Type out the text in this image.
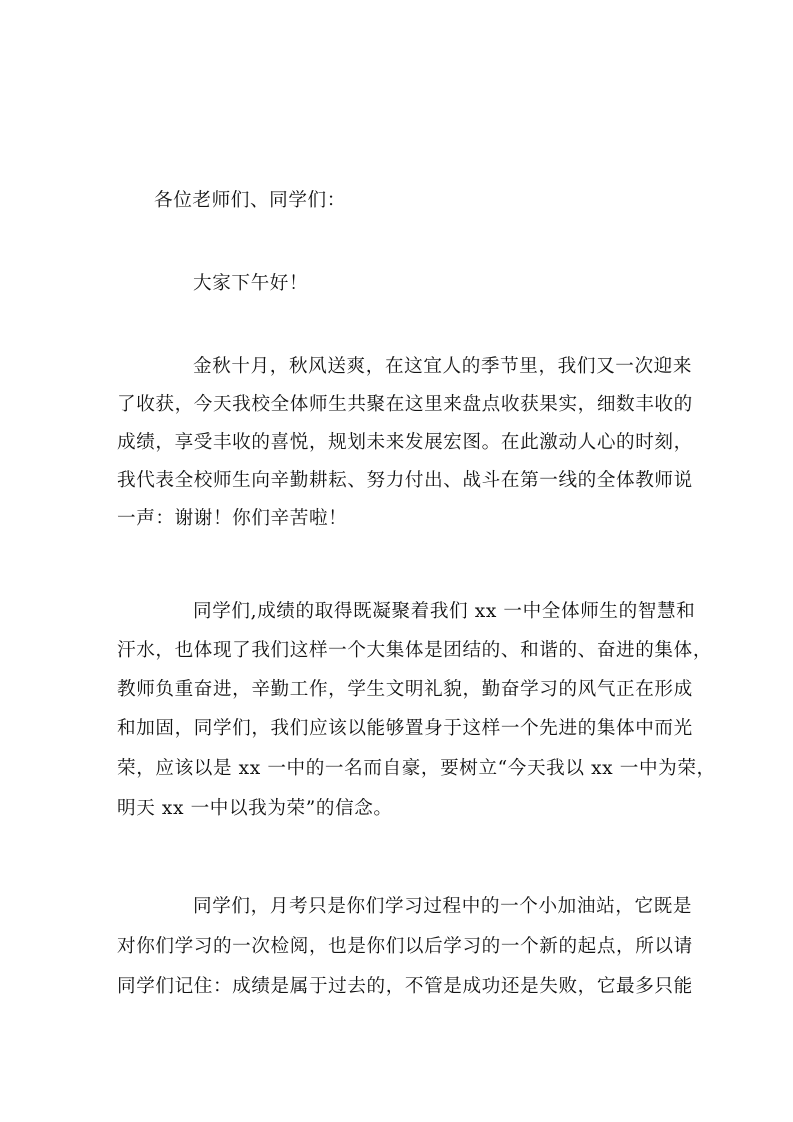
各位老师们、同学们：
大家下午好！
金秋十月，秋风送爽，在这宜人的季节里，我们又一次迎来
了收获，今天我校全体师生共聚在这里来盘点收获果实，细数丰收的
成绩，享受丰收的喜悦，规划未来发展宏图。在此激动人心的时刻，
我代表全校师生向辛勤耕耘、努力付出、战斗在第一线的全体教师说
一声：谢谢！你们辛苦啦！
同学们,成绩的取得既凝聚着我们 xx 一中全体师生的智慧和
汗水，也体现了我们这样一个大集体是团结的、和谐的、奋进的集体，
教师负重奋进，辛勤工作，学生文明礼貌，勤奋学习的风气正在形成
和加固，同学们，我们应该以能够置身于这样一个先进的集体中而光
荣，应该以是 xx 一中的一名而自豪，要树立“今天我以 xx 一中为荣，
明天 xx 一中以我为荣”的信念。
同学们，月考只是你们学习过程中的一个小加油站，它既是
对你们学习的一次检阅，也是你们以后学习的一个新的起点，所以请
同学们记住：成绩是属于过去的，不管是成功还是失败，它最多只能
